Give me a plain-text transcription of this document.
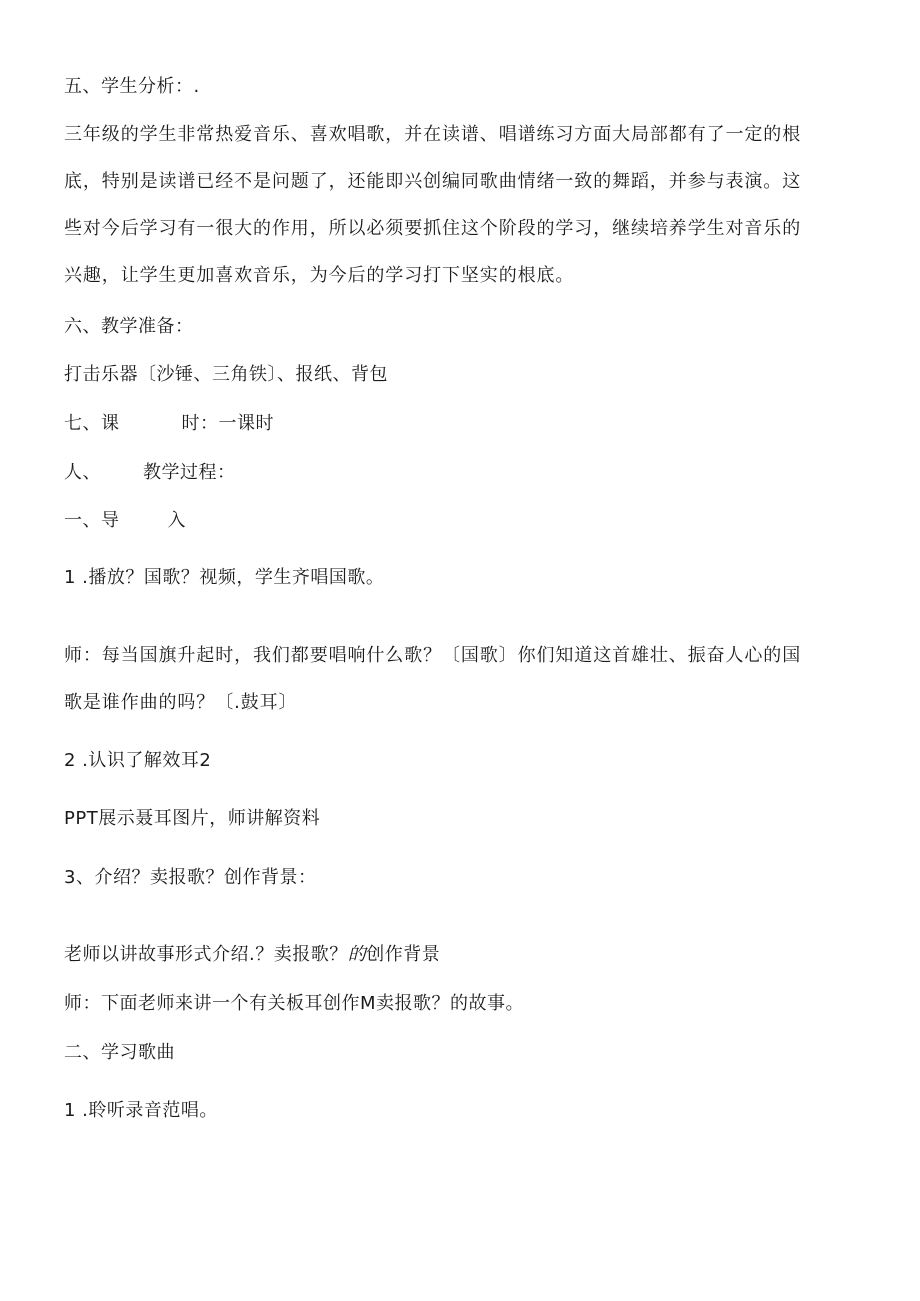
五、学生分析：.
三年级的学生非常热爱音乐、喜欢唱歌，并在读谱、唱谱练习方面大局部都有了一定的根
底，特别是读谱已经不是问题了，还能即兴创编同歌曲情绪一致的舞蹈，并参与表演。这
些对今后学习有一很大的作用，所以必须要抓住这个阶段的学习，继续培养学生对音乐的
兴趣，让学生更加喜欢音乐，为今后的学习打下坚实的根底。
六、教学准备：
打击乐器〔沙锤、三角铁〕、报纸、背包
七、课	时：一课时
人、 教学过程：
一、导	入
1 .播放？国歌？视频，学生齐唱国歌。
师：每当国旗升起时，我们都要唱响什么歌？〔国歌〕你们知道这首雄壮、振奋人心的国
歌是谁作曲的吗？〔.鼓耳〕
2 .认识了解效耳2
PPT展示聂耳图片，师讲解资料
3、介绍？卖报歌？创作背景：
老师以讲故事形式介绍.？卖报歌？的创作背景
师：下面老师来讲一个有关板耳创作M卖报歌？的故事。
二、学习歌曲
1 .聆听录音范唱。
